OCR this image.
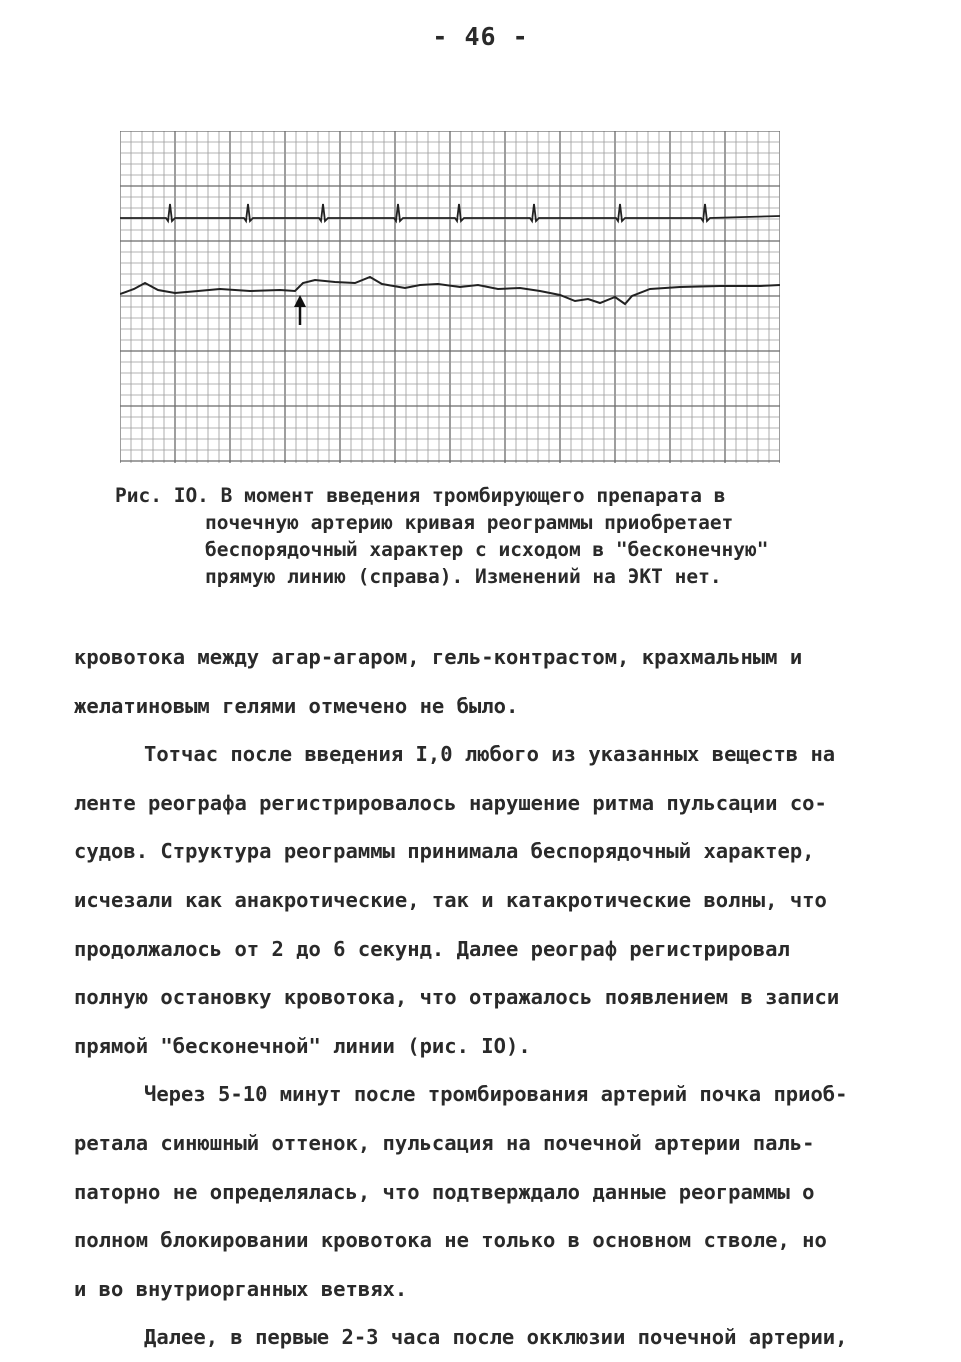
- 46 -
Рис. IO. В момент введения тромбирующего препарата в
почечную артерию кривая реограммы приобретает
беспорядочный характер с исходом в "бесконечную"
прямую линию (справа). Изменений на ЭКТ нет.
кровотока между агар-агаром, гель-контрастом, крахмальным и
желатиновым гелями отмечено не было.
Тотчас после введения I,0 любого из указанных веществ на
ленте реографа регистрировалось нарушение ритма пульсации со-
судов. Структура реограммы принимала беспорядочный характер,
исчезали как анакротические, так и катакротические волны, что
продолжалось от 2 до 6 секунд. Далее реограф регистрировал
полную остановку кровотока, что отражалось появлением в записи
прямой "бесконечной" линии (рис. IO).
Через 5-10 минут после тромбирования артерий почка приоб-
ретала синюшный оттенок, пульсация на почечной артерии паль-
паторно не определялась, что подтверждало данные реограммы о
полном блокировании кровотока не только в основном стволе, но
и во внутриорганных ветвях.
Далее, в первые 2-3 часа после окклюзии почечной артерии,
